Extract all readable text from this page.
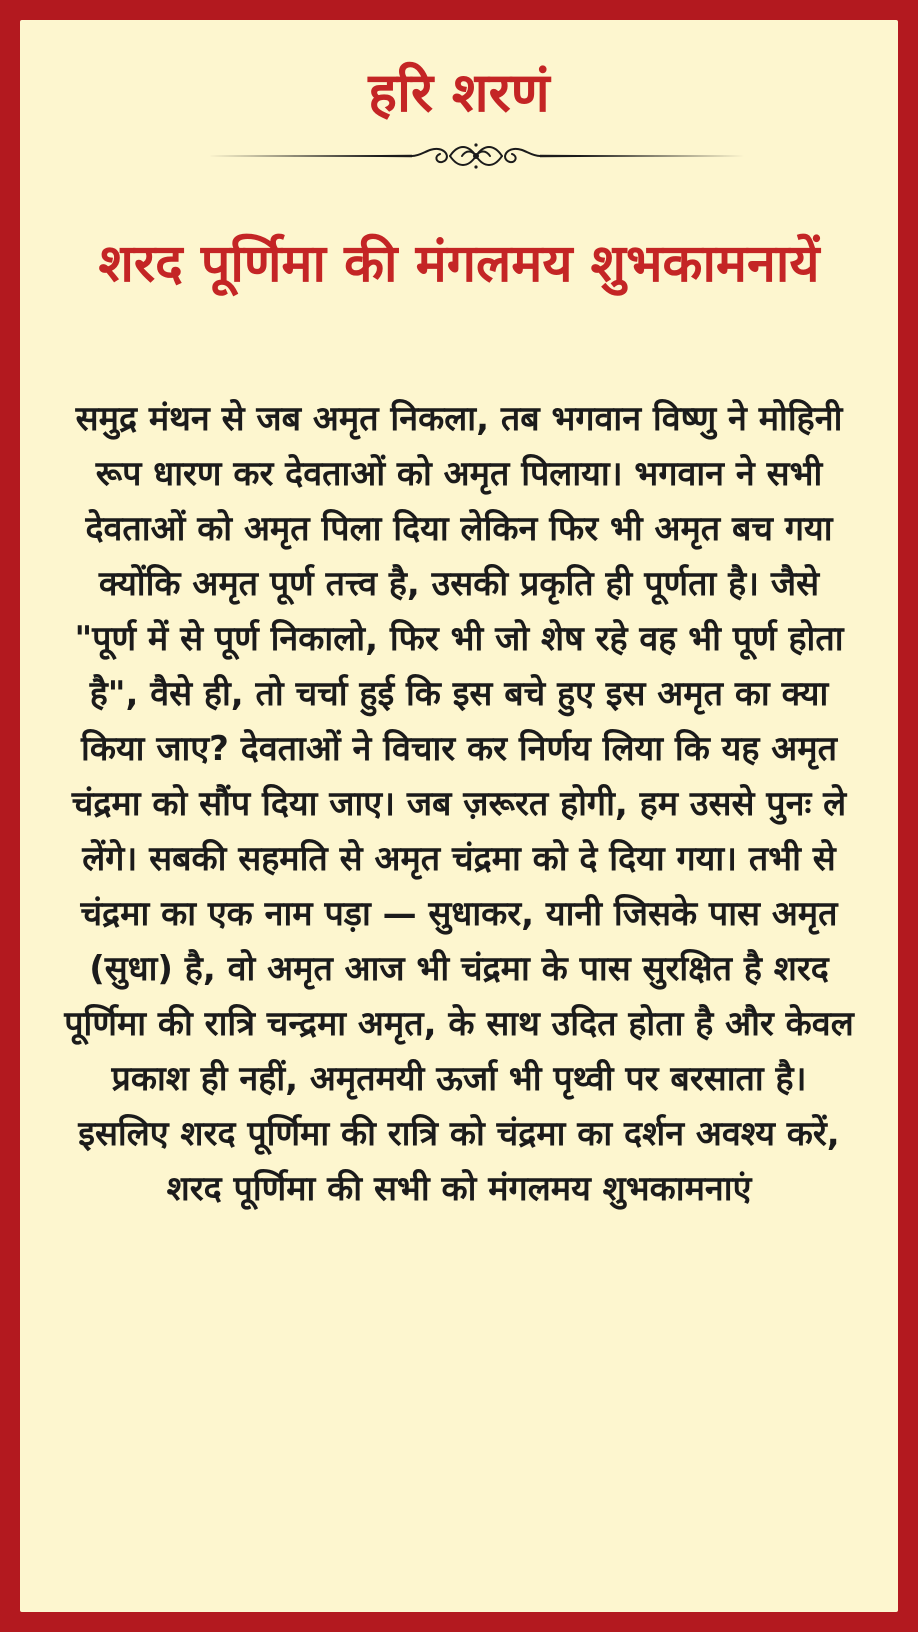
हरि शरणं
शरद पूर्णिमा की मंगलमय शुभकामनायें
समुद्र मंथन से जब अमृत निकला, तब भगवान विष्णु ने मोहिनी रूप धारण कर देवताओं को अमृत पिलाया। भगवान ने सभी देवताओं को अमृत पिला दिया लेकिन फिर भी अमृत बच गया क्योंकि अमृत पूर्ण तत्त्व है, उसकी प्रकृति ही पूर्णता है। जैसे "पूर्ण में से पूर्ण निकालो, फिर भी जो शेष रहे वह भी पूर्ण होता है", वैसे ही, तो चर्चा हुई कि इस बचे हुए इस अमृत का क्या किया जाए? देवताओं ने विचार कर निर्णय लिया कि यह अमृत चंद्रमा को सौंप दिया जाए। जब ज़रूरत होगी, हम उससे पुनः ले लेंगे। सबकी सहमति से अमृत चंद्रमा को दे दिया गया। तभी से चंद्रमा का एक नाम पड़ा — सुधाकर, यानी जिसके पास अमृत (सुधा) है, वो अमृत आज भी चंद्रमा के पास सुरक्षित है शरद पूर्णिमा की रात्रि चन्द्रमा अमृत, के साथ उदित होता है और केवल प्रकाश ही नहीं, अमृतमयी ऊर्जा भी पृथ्वी पर बरसाता है। इसलिए शरद पूर्णिमा की रात्रि को चंद्रमा का दर्शन अवश्य करें, शरद पूर्णिमा की सभी को मंगलमय शुभकामनाएं
